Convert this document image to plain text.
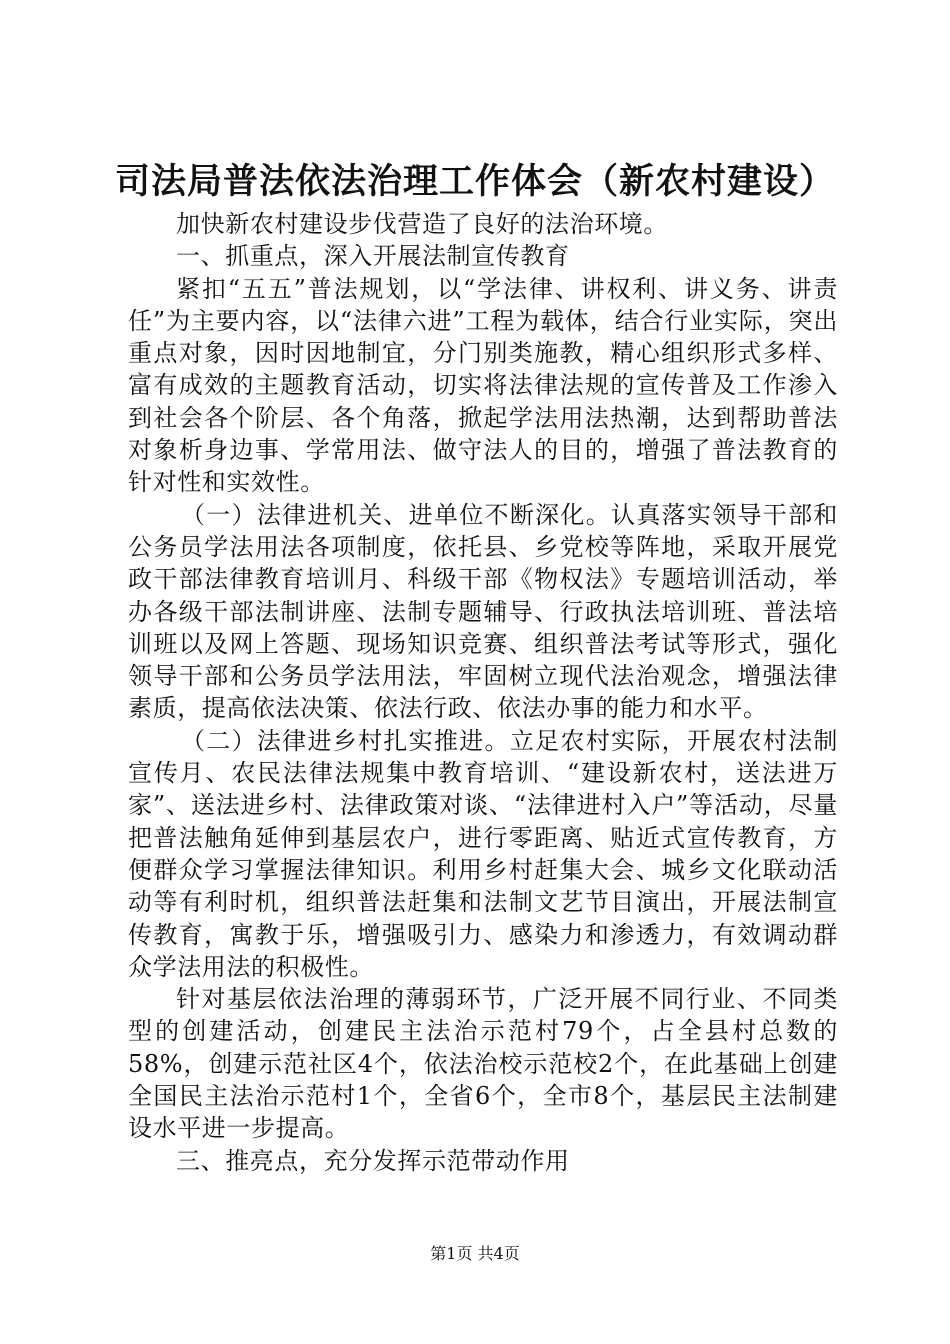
司法局普法依法治理工作体会（新农村建设）

加快新农村建设步伐营造了良好的法治环境。

一、抓重点，深入开展法制宣传教育

紧扣“五五”普法规划，以“学法律、讲权利、讲义务、讲责任”为主要内容，以“法律六进”工程为载体，结合行业实际，突出重点对象，因时因地制宜，分门别类施教，精心组织形式多样、富有成效的主题教育活动，切实将法律法规的宣传普及工作渗入到社会各个阶层、各个角落，掀起学法用法热潮，达到帮助普法对象析身边事、学常用法、做守法人的目的，增强了普法教育的针对性和实效性。

（一）法律进机关、进单位不断深化。认真落实领导干部和公务员学法用法各项制度，依托县、乡党校等阵地，采取开展党政干部法律教育培训月、科级干部《物权法》专题培训活动，举办各级干部法制讲座、法制专题辅导、行政执法培训班、普法培训班以及网上答题、现场知识竞赛、组织普法考试等形式，强化领导干部和公务员学法用法，牢固树立现代法治观念，增强法律素质，提高依法决策、依法行政、依法办事的能力和水平。

（二）法律进乡村扎实推进。立足农村实际，开展农村法制宣传月、农民法律法规集中教育培训、“建设新农村，送法进万家”、送法进乡村、法律政策对谈、“法律进村入户”等活动，尽量把普法触角延伸到基层农户，进行零距离、贴近式宣传教育，方便群众学习掌握法律知识。利用乡村赶集大会、城乡文化联动活动等有利时机，组织普法赶集和法制文艺节目演出，开展法制宣传教育，寓教于乐，增强吸引力、感染力和渗透力，有效调动群众学法用法的积极性。

针对基层依法治理的薄弱环节，广泛开展不同行业、不同类型的创建活动，创建民主法治示范村79个，占全县村总数的58%，创建示范社区4个，依法治校示范校2个，在此基础上创建全国民主法治示范村1个，全省6个，全市8个，基层民主法制建设水平进一步提高。

三、推亮点，充分发挥示范带动作用

第1页 共4页
